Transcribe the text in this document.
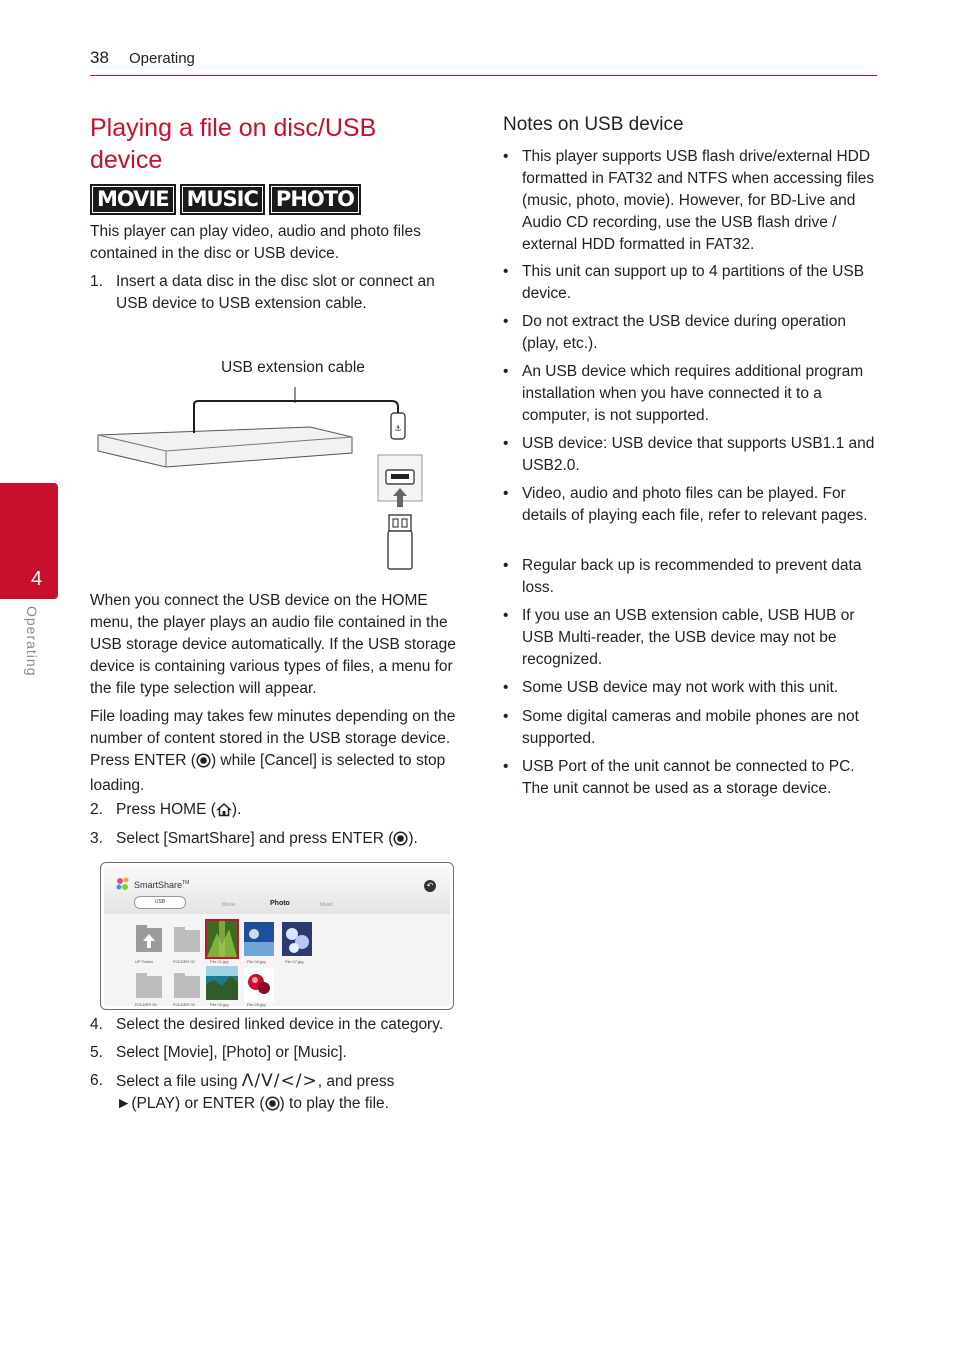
38 Operating
4
Operating
Playing a file on disc/USB device
MOVIE MUSIC PHOTO

This player can play video, audio and photo files contained in the disc or USB device.

1. Insert a data disc in the disc slot or connect an USB device to USB extension cable.
USB extension cable
⚓

When you connect the USB device on the HOME menu, the player plays an audio file contained in the USB storage device automatically. If the USB storage device is containing various types of files, a menu for the file type selection will appear.

File loading may takes few minutes depending on the number of content stored in the USB storage device. Press ENTER ( ) while [Cancel] is selected to stop loading.

2. Press HOME ( ).
3. Select [SmartShare] and press ENTER ( ).
SmartShare™	↶
USB	Movie	Photo	Music
UP Folder	FOLDER 02	File 01.jpg	File 04.jpg	File 07.jpg
FOLDER 00	FOLDER 03	File 02.jpg	File 05.jpg
4. Select the desired linked device in the category.
5. Select [Movie], [Photo] or [Music].
6. Select a file using Λ/V/</>, and press
►(PLAY) or ENTER ( ) to play the file.
Notes on USB device
• This player supports USB flash drive/external HDD formatted in FAT32 and NTFS when accessing files (music, photo, movie). However, for BD-Live and Audio CD recording, use the USB flash drive / external HDD formatted in FAT32.
• This unit can support up to 4 partitions of the USB device.
• Do not extract the USB device during operation (play, etc.).
• An USB device which requires additional program installation when you have connected it to a computer, is not supported.
• USB device: USB device that supports USB1.1 and USB2.0.
• Video, audio and photo files can be played. For details of playing each file, refer to relevant pages.
• Regular back up is recommended to prevent data loss.
• If you use an USB extension cable, USB HUB or USB Multi-reader, the USB device may not be recognized.
• Some USB device may not work with this unit.
• Some digital cameras and mobile phones are not supported.
• USB Port of the unit cannot be connected to PC. The unit cannot be used as a storage device.
